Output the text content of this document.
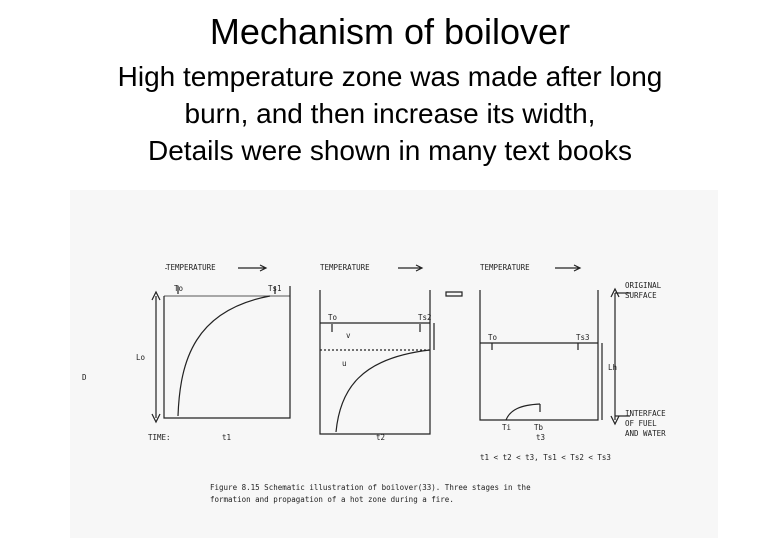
Mechanism of boilover
High temperature zone was made after long
burn, and then increase its width,
Details were shown in many text books
TEMPERATURE	TEMPERATURE	TEMPERATURE
To	Ts1
Lo
TIME:	t1
To	Ts2
v
u
t2
To	Ts3
Lh
Ti	Tb
t3
D
ORIGINAL
SURFACE
INTERFACE
OF FUEL
AND WATER
t1 < t2 < t3, Ts1 < Ts2 < Ts3
Figure 8.15 Schematic illustration of boilover(33). Three stages in the
formation and propagation of a hot zone during a fire.
